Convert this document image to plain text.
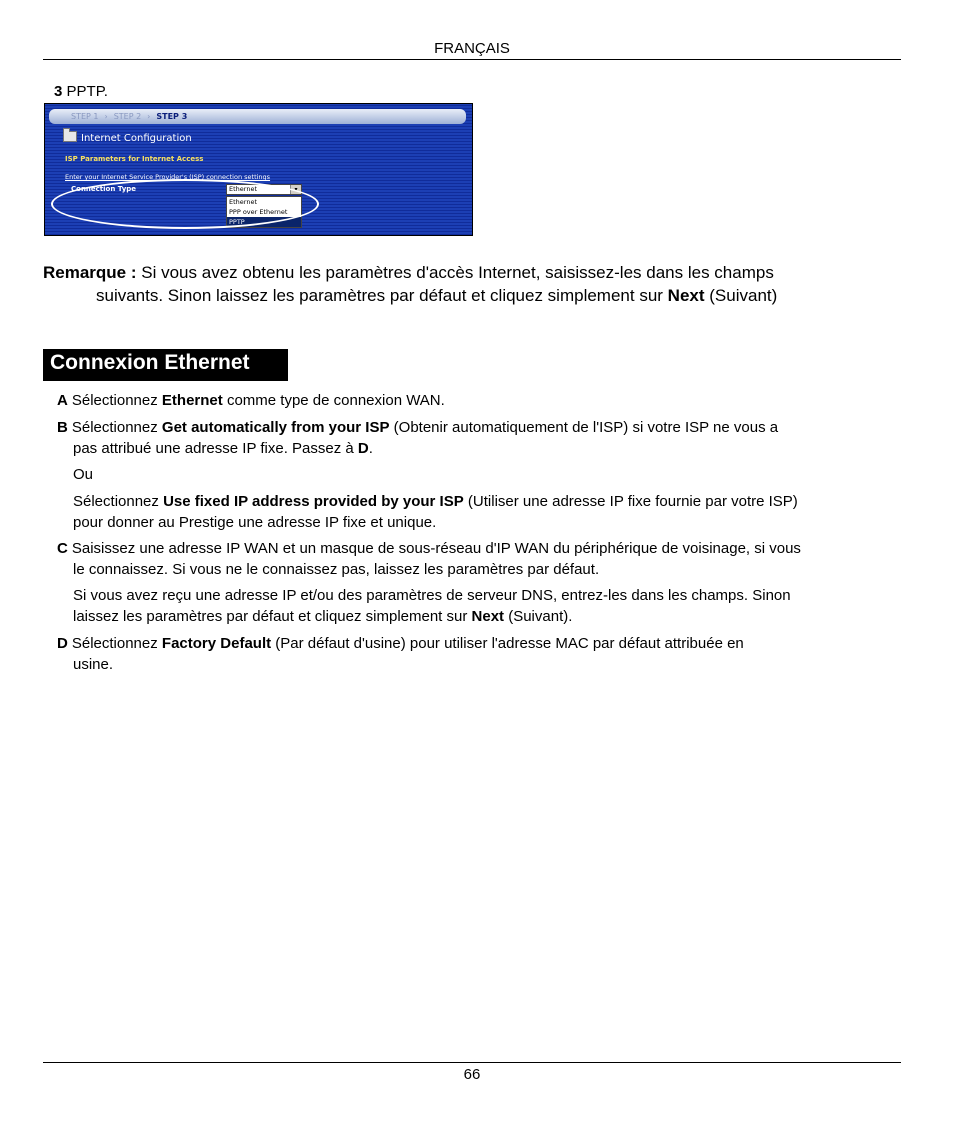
FRANÇAIS
3 PPTP.
STEP 1 › STEP 2 › STEP 3
Internet Configuration
ISP Parameters for Internet Access
Enter your Internet Service Provider's (ISP) connection settings
Connection Type	Ethernet	▾
Ethernet
PPP over Ethernet
PPTP
Remarque : Si vous avez obtenu les paramètres d'accès Internet, saisissez-les dans les champs
suivants. Sinon laissez les paramètres par défaut et cliquez simplement sur Next (Suivant)
Connexion Ethernet
A Sélectionnez Ethernet comme type de connexion WAN.
B Sélectionnez Get automatically from your ISP (Obtenir automatiquement de l'ISP) si votre ISP ne vous a
pas attribué une adresse IP fixe. Passez à D.
Ou
Sélectionnez Use fixed IP address provided by your ISP (Utiliser une adresse IP fixe fournie par votre ISP)
pour donner au Prestige une adresse IP fixe et unique.
C Saisissez une adresse IP WAN et un masque de sous-réseau d'IP WAN du périphérique de voisinage, si vous
le connaissez. Si vous ne le connaissez pas, laissez les paramètres par défaut.
Si vous avez reçu une adresse IP et/ou des paramètres de serveur DNS, entrez-les dans les champs. Sinon
laissez les paramètres par défaut et cliquez simplement sur Next (Suivant).
D Sélectionnez Factory Default (Par défaut d'usine) pour utiliser l'adresse MAC par défaut attribuée en
usine.
66
